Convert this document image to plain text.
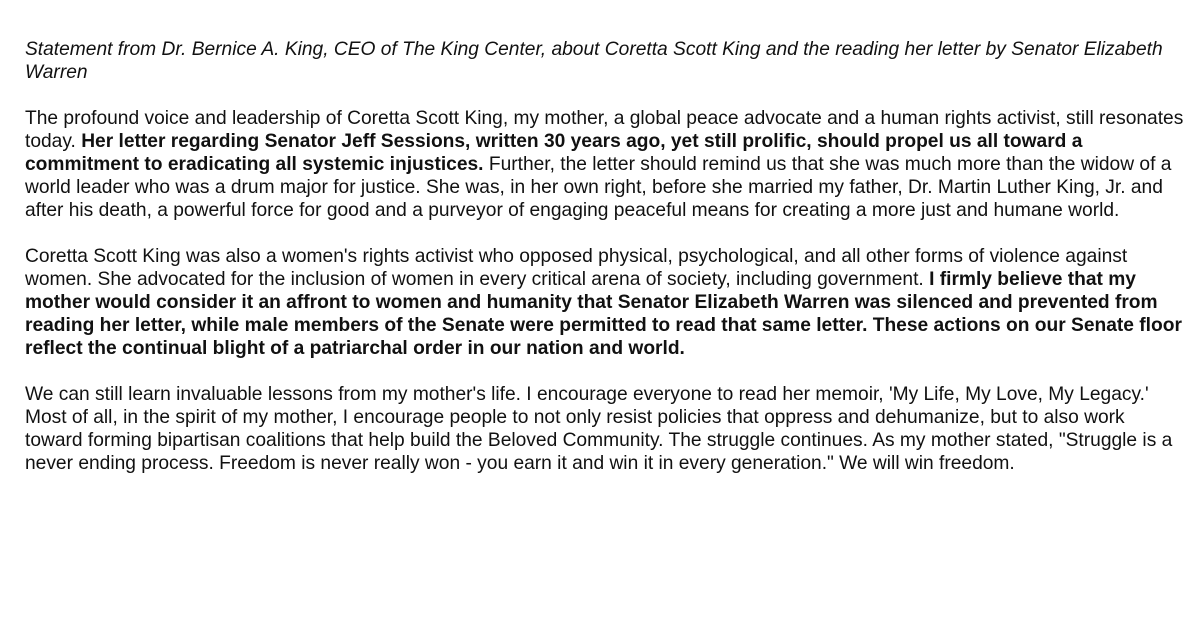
Statement from Dr. Bernice A. King, CEO of The King Center, about Coretta Scott King and the reading her letter by Senator Elizabeth Warren

The profound voice and leadership of Coretta Scott King, my mother, a global peace advocate and a human rights activist, still resonates today. Her letter regarding Senator Jeff Sessions, written 30 years ago, yet still prolific, should propel us all toward a commitment to eradicating all systemic injustices. Further, the letter should remind us that she was much more than the widow of a world leader who was a drum major for justice. She was, in her own right, before she married my father, Dr. Martin Luther King, Jr. and after his death, a powerful force for good and a purveyor of engaging peaceful means for creating a more just and humane world.

Coretta Scott King was also a women's rights activist who opposed physical, psychological, and all other forms of violence against women. She advocated for the inclusion of women in every critical arena of society, including government. I firmly believe that my mother would consider it an affront to women and humanity that Senator Elizabeth Warren was silenced and prevented from reading her letter, while male members of the Senate were permitted to read that same letter. These actions on our Senate floor reflect the continual blight of a patriarchal order in our nation and world.

We can still learn invaluable lessons from my mother's life. I encourage everyone to read her memoir, 'My Life, My Love, My Legacy.' Most of all, in the spirit of my mother, I encourage people to not only resist policies that oppress and dehumanize, but to also work toward forming bipartisan coalitions that help build the Beloved Community. The struggle continues. As my mother stated, "Struggle is a never ending process. Freedom is never really won - you earn it and win it in every generation." We will win freedom.
